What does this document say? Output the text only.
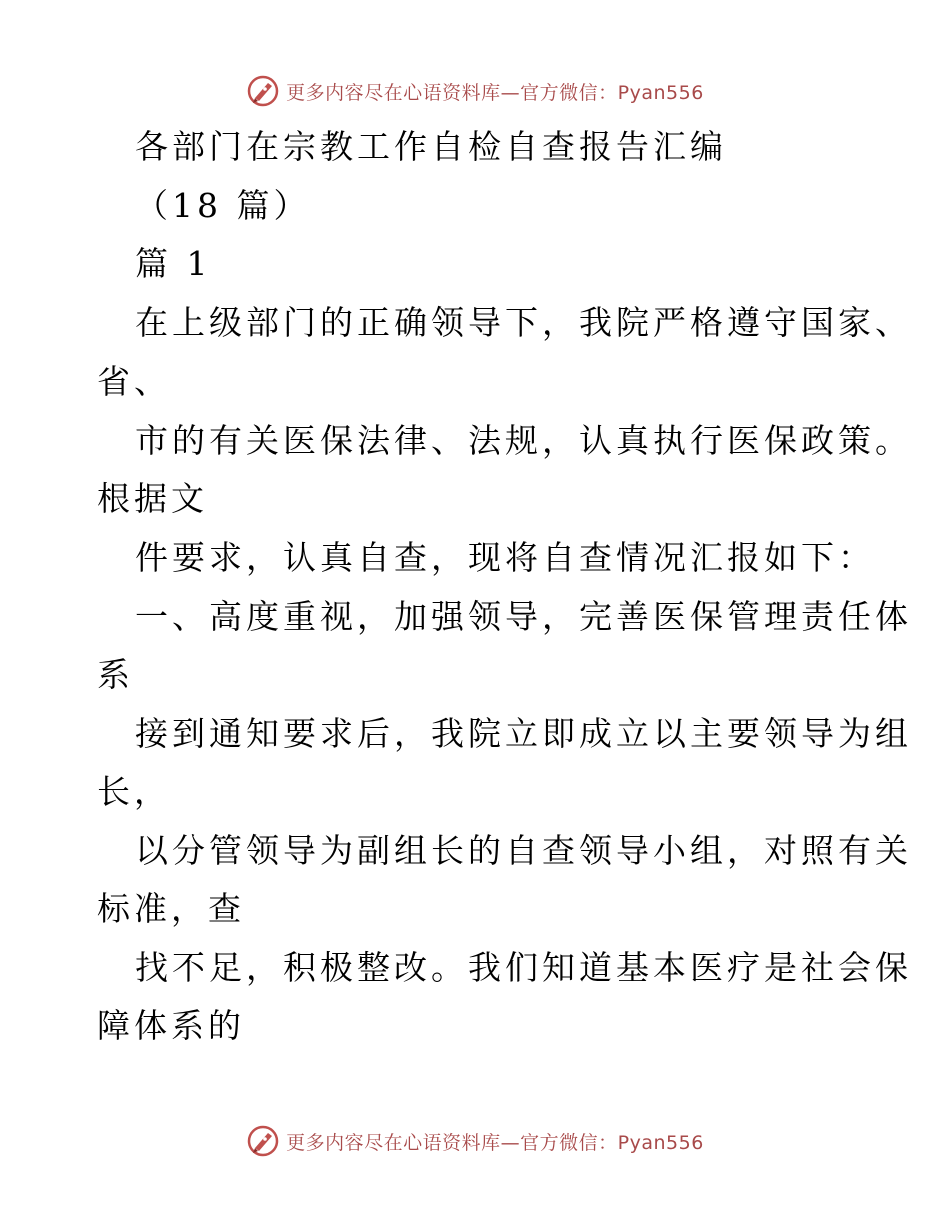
更多内容尽在心语资料库—官方微信：Pyan556
各部门在宗教工作自检自查报告汇编
（18 篇）
篇 1
在上级部门的正确领导下，我院严格遵守国家、
省、
市的有关医保法律、法规，认真执行医保政策。
根据文
件要求，认真自查，现将自查情况汇报如下：
一、高度重视，加强领导，完善医保管理责任体
系
接到通知要求后，我院立即成立以主要领导为组
长，
以分管领导为副组长的自查领导小组，对照有关
标准，查
找不足，积极整改。我们知道基本医疗是社会保
障体系的
更多内容尽在心语资料库—官方微信：Pyan556
